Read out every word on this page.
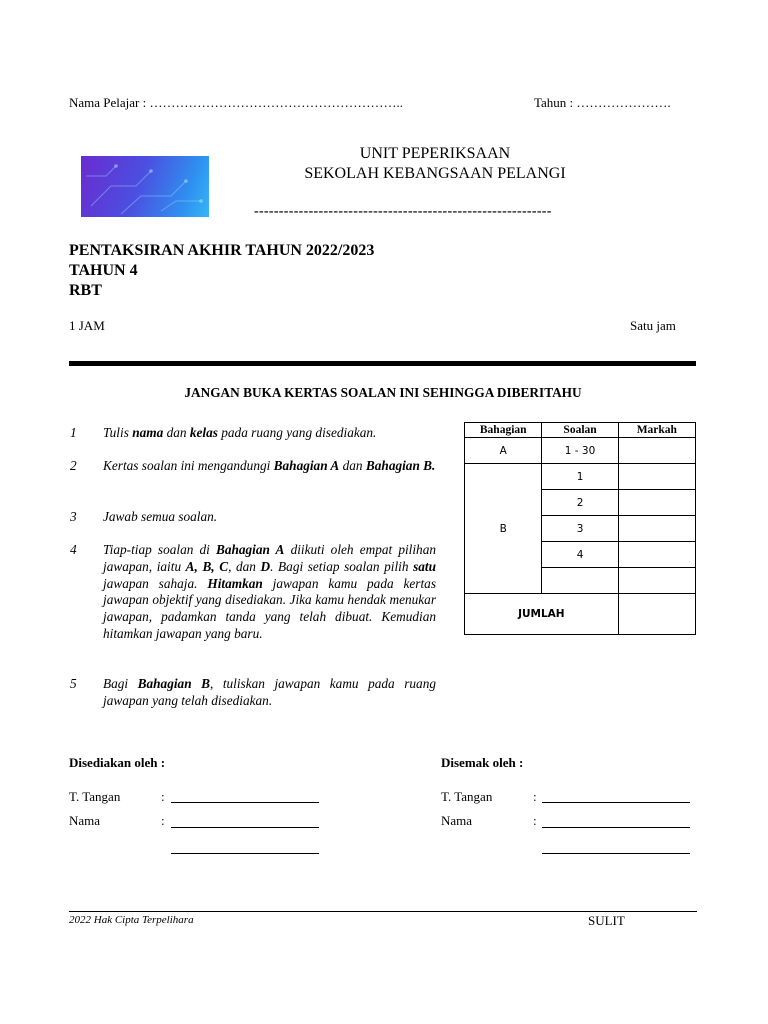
Nama Pelajar : …………………………………………………..	Tahun : ………………….
UNIT PEPERIKSAAN
SEKOLAH KEBANGSAAN PELANGI
------------------------------------------------------------
PENTAKSIRAN AKHIR TAHUN 2022/2023
TAHUN 4
RBT
1 JAM	Satu jam
JANGAN BUKA KERTAS SOALAN INI SEHINGGA DIBERITAHU
1 Tulis nama dan kelas pada ruang yang disediakan.
2 Kertas soalan ini mengandungi Bahagian A dan Bahagian B.
3 Jawab semua soalan.
4 Tiap-tiap soalan di Bahagian A diikuti oleh empat pilihan jawapan, iaitu A, B, C, dan D. Bagi setiap soalan pilih satu jawapan sahaja. Hitamkan jawapan kamu pada kertas jawapan objektif yang disediakan. Jika kamu hendak menukar jawapan, padamkan tanda yang telah dibuat. Kemudian hitamkan jawapan yang baru.
5 Bagi Bahagian B, tuliskan jawapan kamu pada ruang jawapan yang telah disediakan.
Bahagian	Soalan	Markah
A	1 - 30	
B	1	
	2	
	3	
	4	

JUMLAH		
Disediakan oleh :
T. Tangan	:
Nama	:
Disemak oleh :
T. Tangan	:
Nama	:
2022 Hak Cipta Terpelihara	SULIT
